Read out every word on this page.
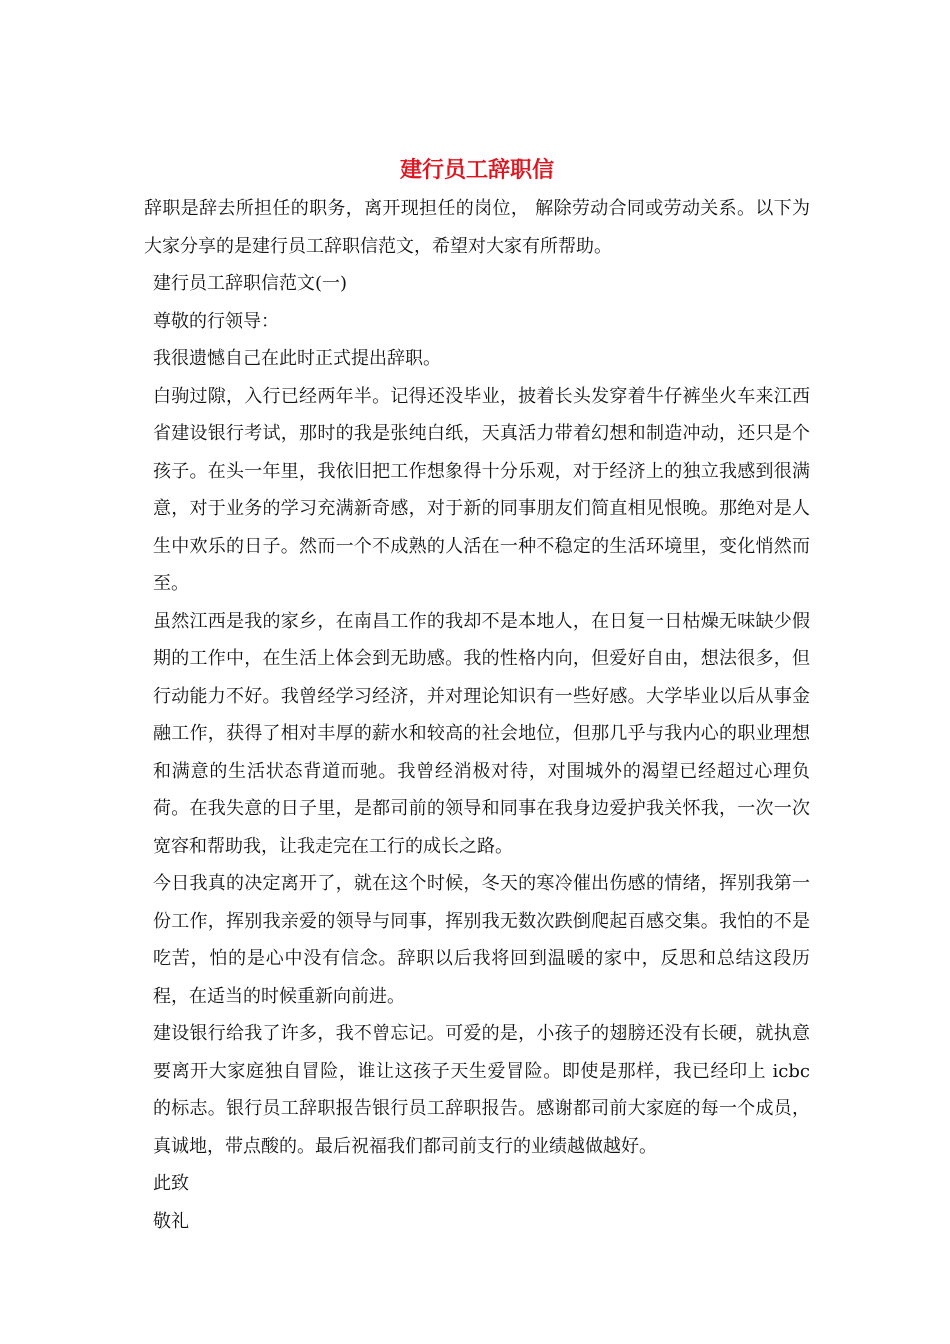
建行员工辞职信

辞职是辞去所担任的职务，离开现担任的岗位， 解除劳动合同或劳动关系。以下为大家分享的是建行员工辞职信范文，希望对大家有所帮助。

建行员工辞职信范文(一)

尊敬的行领导：

我很遗憾自己在此时正式提出辞职。

白驹过隙，入行已经两年半。记得还没毕业，披着长头发穿着牛仔裤坐火车来江西省建设银行考试，那时的我是张纯白纸，天真活力带着幻想和制造冲动，还只是个孩子。在头一年里，我依旧把工作想象得十分乐观，对于经济上的独立我感到很满意，对于业务的学习充满新奇感，对于新的同事朋友们简直相见恨晚。那绝对是人生中欢乐的日子。然而一个不成熟的人活在一种不稳定的生活环境里，变化悄然而至。

虽然江西是我的家乡，在南昌工作的我却不是本地人，在日复一日枯燥无味缺少假期的工作中，在生活上体会到无助感。我的性格内向，但爱好自由，想法很多，但行动能力不好。我曾经学习经济，并对理论知识有一些好感。大学毕业以后从事金融工作，获得了相对丰厚的薪水和较高的社会地位，但那几乎与我内心的职业理想和满意的生活状态背道而驰。我曾经消极对待，对围城外的渴望已经超过心理负荷。在我失意的日子里，是都司前的领导和同事在我身边爱护我关怀我，一次一次宽容和帮助我，让我走完在工行的成长之路。

今日我真的决定离开了，就在这个时候，冬天的寒冷催出伤感的情绪，挥别我第一份工作，挥别我亲爱的领导与同事，挥别我无数次跌倒爬起百感交集。我怕的不是吃苦，怕的是心中没有信念。辞职以后我将回到温暖的家中，反思和总结这段历程，在适当的时候重新向前进。

建设银行给我了许多，我不曾忘记。可爱的是，小孩子的翅膀还没有长硬，就执意要离开大家庭独自冒险，谁让这孩子天生爱冒险。即使是那样，我已经印上 icbc 的标志。银行员工辞职报告银行员工辞职报告。感谢都司前大家庭的每一个成员，真诚地，带点酸的。最后祝福我们都司前支行的业绩越做越好。

此致

敬礼
